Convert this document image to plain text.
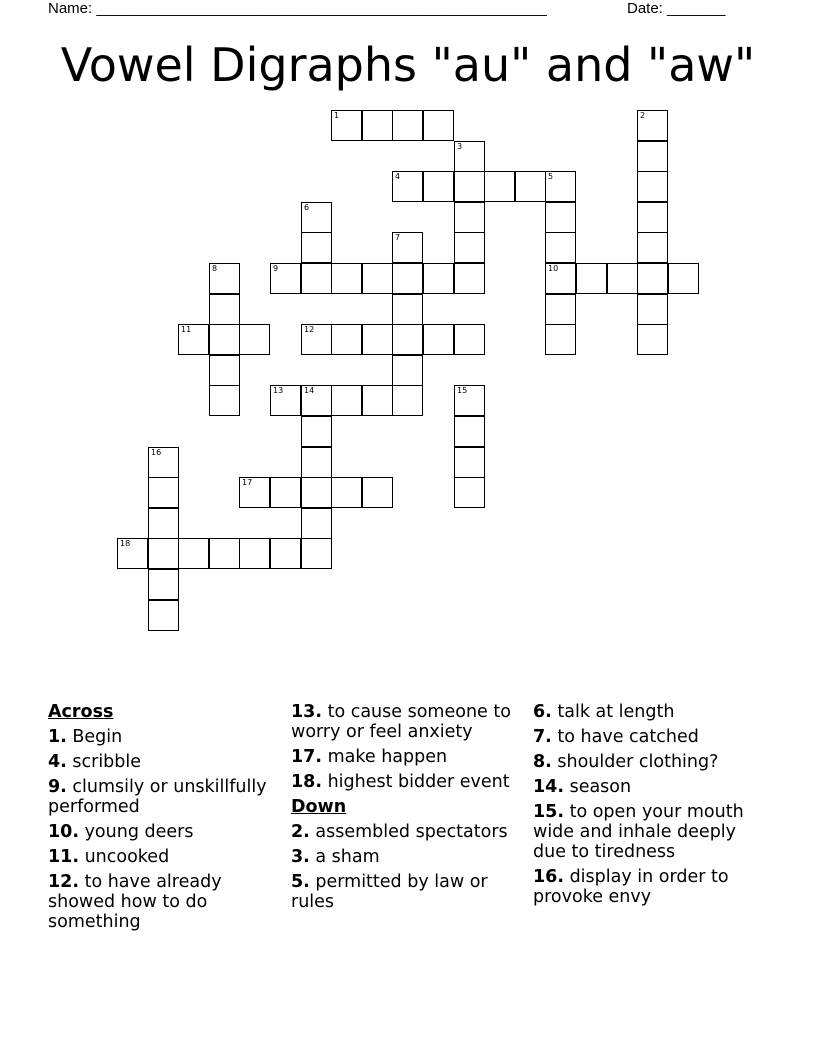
Name: ______________________________________________________	Date: _______
Vowel Digraphs "au" and "aw"
1	2
3
4	5
10
6
7
8	9
11	12
13	14	15
16
17
18
Across
1. Begin
4. scribble
9. clumsily or unskillfully performed
10. young deers
11. uncooked
12. to have already showed how to do something
13. to cause someone to worry or feel anxiety
17. make happen
18. highest bidder event
Down
2. assembled spectators
3. a sham
5. permitted by law or rules
6. talk at length
7. to have catched
8. shoulder clothing?
14. season
15. to open your mouth wide and inhale deeply due to tiredness
16. display in order to provoke envy
